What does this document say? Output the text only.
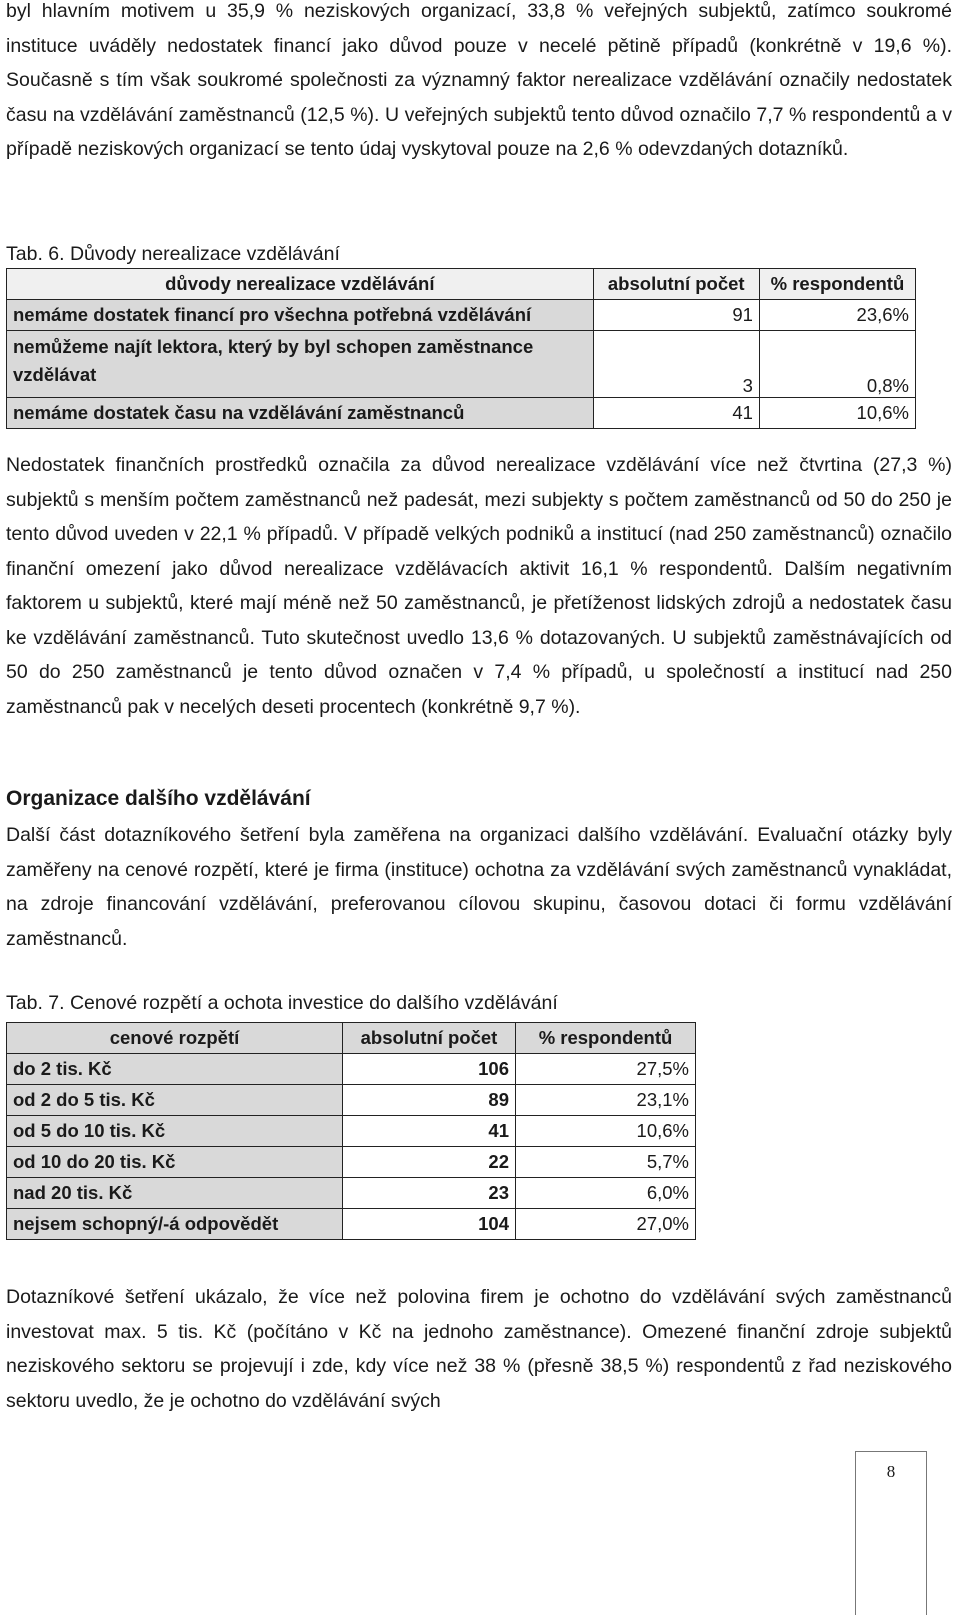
byl hlavním motivem u 35,9 % neziskových organizací, 33,8 % veřejných subjektů, zatímco soukromé instituce uváděly nedostatek financí jako důvod pouze v necelé pětině případů (konkrétně v 19,6 %). Současně s tím však soukromé společnosti za významný faktor nerealizace vzdělávání označily nedostatek času na vzdělávání zaměstnanců (12,5 %). U veřejných subjektů tento důvod označilo 7,7 % respondentů a v případě neziskových organizací se tento údaj vyskytoval pouze na 2,6 % odevzdaných dotazníků.

Tab. 6. Důvody nerealizace vzdělávání
důvody nerealizace vzdělávání	absolutní počet	% respondentů
nemáme dostatek financí pro všechna potřebná vzdělávání	91	23,6%
nemůžeme najít lektora, který by byl schopen zaměstnance vzdělávat	3	0,8%
nemáme dostatek času na vzdělávání zaměstnanců	41	10,6%

Nedostatek finančních prostředků označila za důvod nerealizace vzdělávání více než čtvrtina (27,3 %) subjektů s menším počtem zaměstnanců než padesát, mezi subjekty s počtem zaměstnanců od 50 do 250 je tento důvod uveden v 22,1 % případů. V případě velkých podniků a institucí (nad 250 zaměstnanců) označilo finanční omezení jako důvod nerealizace vzdělávacích aktivit 16,1 % respondentů. Dalším negativním faktorem u subjektů, které mají méně než 50 zaměstnanců, je přetíženost lidských zdrojů a nedostatek času ke vzdělávání zaměstnanců. Tuto skutečnost uvedlo 13,6 % dotazovaných. U subjektů zaměstnávajících od 50 do 250 zaměstnanců je tento důvod označen v 7,4 % případů, u společností a institucí nad 250 zaměstnanců pak v necelých deseti procentech (konkrétně 9,7 %).

Organizace dalšího vzdělávání

Další část dotazníkového šetření byla zaměřena na organizaci dalšího vzdělávání. Evaluační otázky byly zaměřeny na cenové rozpětí, které je firma (instituce) ochotna za vzdělávání svých zaměstnanců vynakládat, na zdroje financování vzdělávání, preferovanou cílovou skupinu, časovou dotaci či formu vzdělávání zaměstnanců.

Tab. 7. Cenové rozpětí a ochota investice do dalšího vzdělávání
cenové rozpětí	absolutní počet	% respondentů
do 2 tis. Kč	106	27,5%
od 2 do 5 tis. Kč	89	23,1%
od 5 do 10 tis. Kč	41	10,6%
od 10 do 20 tis. Kč	22	5,7%
nad 20 tis. Kč	23	6,0%
nejsem schopný/-á odpovědět	104	27,0%

Dotazníkové šetření ukázalo, že více než polovina firem je ochotno do vzdělávání svých zaměstnanců investovat max. 5 tis. Kč (počítáno v Kč na jednoho zaměstnance). Omezené finanční zdroje subjektů neziskového sektoru se projevují i zde, kdy více než 38 % (přesně 38,5 %) respondentů z řad neziskového sektoru uvedlo, že je ochotno do vzdělávání svých

8
